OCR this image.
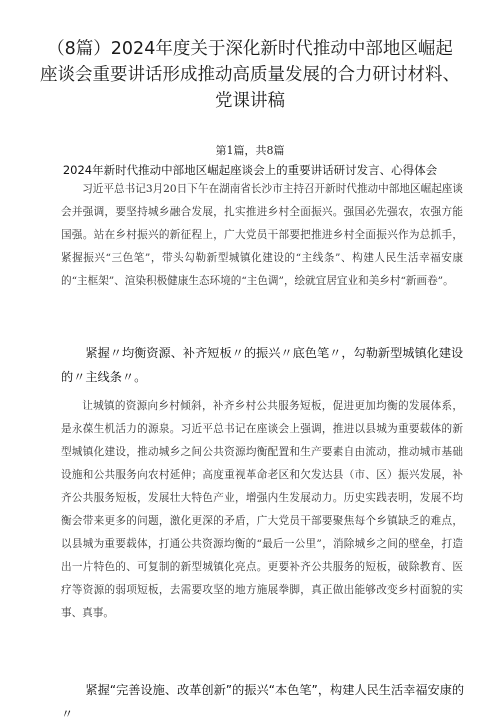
（8篇）2024年度关于深化新时代推动中部地区崛起座谈会重要讲话形成推动高质量发展的合力研讨材料、党课讲稿
第1篇，共8篇
2024年新时代推动中部地区崛起座谈会上的重要讲话研讨发言、心得体会

习近平总书记3月20日下午在湖南省长沙市主持召开新时代推动中部地区崛起座谈会并强调，要坚持城乡融合发展，扎实推进乡村全面振兴。强国必先强农，农强方能国强。站在乡村振兴的新征程上，广大党员干部要把推进乡村全面振兴作为总抓手，紧握振兴“三色笔”，带头勾勒新型城镇化建设的“主线条”、构建人民生活幸福安康的“主框架”、渲染积极健康生态环境的“主色调”，绘就宜居宜业和美乡村“新画卷”。

紧握〃均衡资源、补齐短板〃的振兴〃底色笔〃，勾勒新型城镇化建设的〃主线条〃。

让城镇的资源向乡村倾斜，补齐乡村公共服务短板，促进更加均衡的发展体系，是永葆生机活力的源泉。习近平总书记在座谈会上强调，推进以县城为重要载体的新型城镇化建设，推动城乡之间公共资源均衡配置和生产要素自由流动，推动城市基础设施和公共服务向农村延伸；高度重视革命老区和欠发达县（市、区）振兴发展，补齐公共服务短板，发展壮大特色产业，增强内生发展动力。历史实践表明，发展不均衡会带来更多的问题，激化更深的矛盾，广大党员干部要聚焦每个乡镇缺乏的难点，以县城为重要载体，打通公共资源均衡的“最后一公里”，消除城乡之间的壁垒，打造出一片特色的、可复制的新型城镇化亮点。更要补齐公共服务的短板，破除教育、医疗等资源的弱项短板，去需要攻坚的地方施展拳脚，真正做出能够改变乡村面貌的实事、真事。

紧握“完善设施、改革创新”的振兴“本色笔”，构建人民生活幸福安康的〃
